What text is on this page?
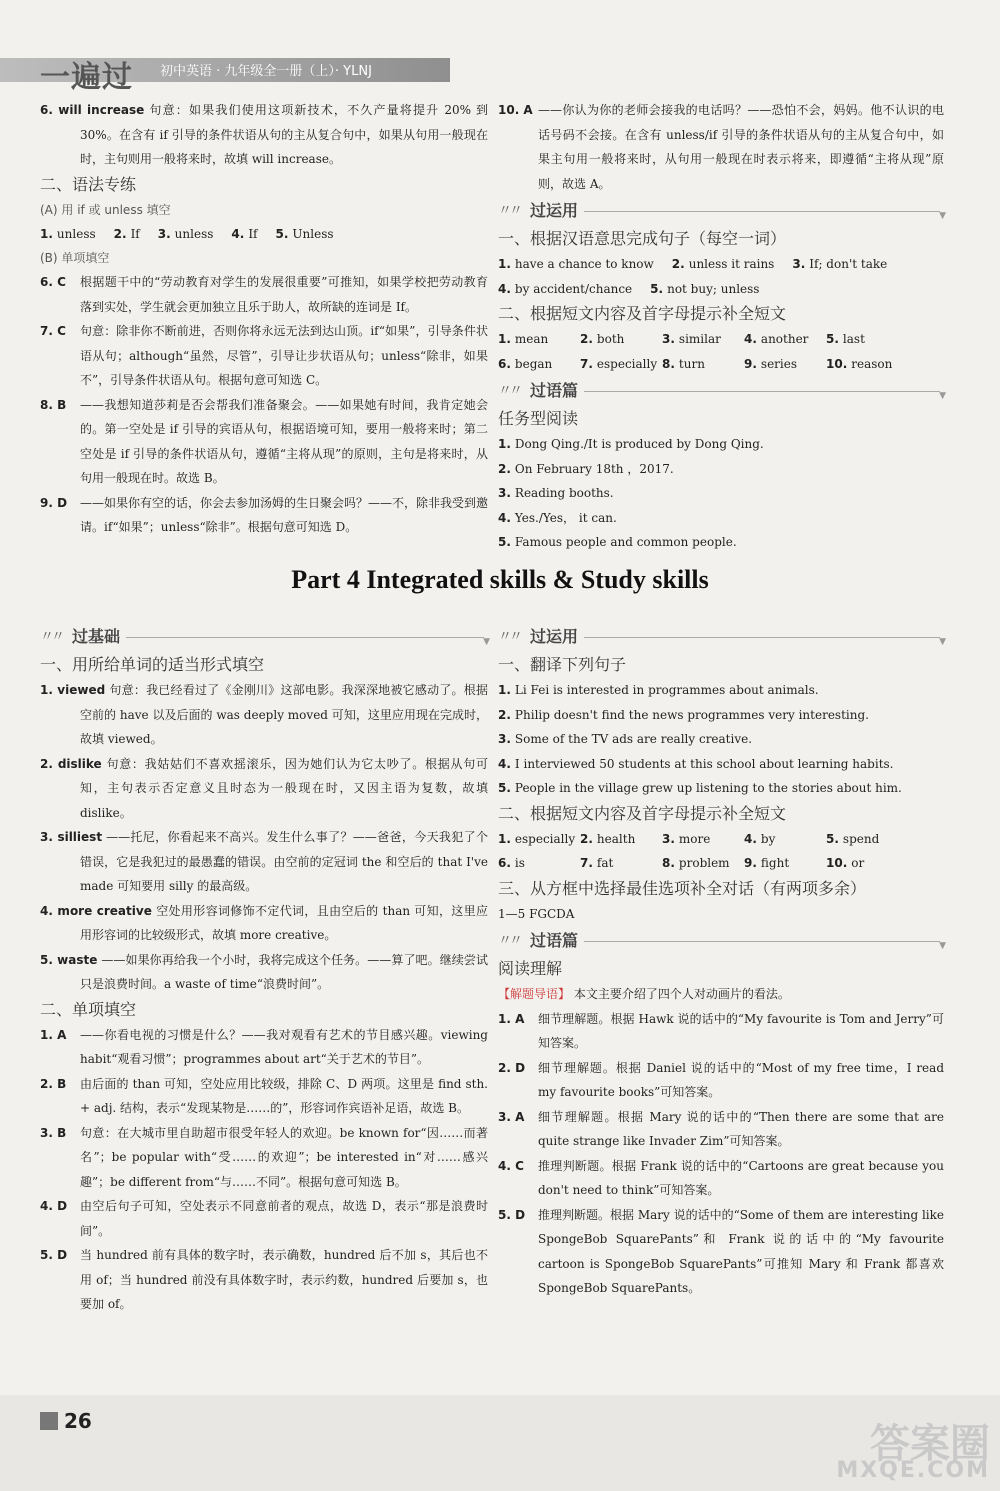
一遍过 初中英语 · 九年级全一册（上）· YLNJ
6. will increase 句意：如果我们使用这项新技术，不久产量将提升 20% 到 30%。在含有 if 引导的条件状语从句的主从复合句中，如果从句用一般现在时，主句则用一般将来时，故填 will increase。
二、语法专练
(A) 用 if 或 unless 填空
1. unless 2. If 3. unless 4. If 5. Unless
(B) 单项填空
6. C 根据题干中的“劳动教育对学生的发展很重要”可推知，如果学校把劳动教育落到实处，学生就会更加独立且乐于助人，故所缺的连词是 If。
7. C 句意：除非你不断前进，否则你将永远无法到达山顶。if“如果”，引导条件状语从句；although“虽然，尽管”，引导让步状语从句；unless“除非，如果不”，引导条件状语从句。根据句意可知选 C。
8. B ——我想知道莎莉是否会帮我们准备聚会。——如果她有时间，我肯定她会的。第一空处是 if 引导的宾语从句，根据语境可知，要用一般将来时；第二空处是 if 引导的条件状语从句，遵循“主将从现”的原则，主句是将来时，从句用一般现在时。故选 B。
9. D ——如果你有空的话，你会去参加汤姆的生日聚会吗？——不，除非我受到邀请。if“如果”；unless“除非”。根据句意可知选 D。
10. A ——你认为你的老师会接我的电话吗？——恐怕不会，妈妈。他不认识的电话号码不会接。在含有 unless/if 引导的条件状语从句的主从复合句中，如果主句用一般将来时，从句用一般现在时表示将来，即遵循“主将从现”原则，故选 A。
〃〃 过运用
▼
一、根据汉语意思完成句子（每空一词）
1. have a chance to know 2. unless it rains 3. If; don't take
4. by accident/chance 5. not buy; unless
二、根据短文内容及首字母提示补全短文
1. mean	2. both	3. similar	4. another	5. last
6. began	7. especially 8. turn	9. series	10. reason
〃〃 过语篇
▼
任务型阅读
1. Dong Qing./It is produced by Dong Qing.
2. On February 18th ，2017.
3. Reading booths.
4. Yes./Yes， it can.
5. Famous people and common people.
Part 4 Integrated skills & Study skills
〃〃 过基础
▼
一、用所给单词的适当形式填空
1. viewed 句意：我已经看过了《金刚川》这部电影。我深深地被它感动了。根据空前的 have 以及后面的 was deeply moved 可知，这里应用现在完成时，故填 viewed。
2. dislike 句意：我姑姑们不喜欢摇滚乐，因为她们认为它太吵了。根据从句可知，主句表示否定意义且时态为一般现在时，又因主语为复数，故填 dislike。
3. silliest ——托尼，你看起来不高兴。发生什么事了？——爸爸，今天我犯了个错误，它是我犯过的最愚蠢的错误。由空前的定冠词 the 和空后的 that I've made 可知要用 silly 的最高级。
4. more creative 空处用形容词修饰不定代词，且由空后的 than 可知，这里应用形容词的比较级形式，故填 more creative。
5. waste ——如果你再给我一个小时，我将完成这个任务。——算了吧。继续尝试只是浪费时间。a waste of time“浪费时间”。
二、单项填空
1. A ——你看电视的习惯是什么？——我对观看有艺术的节目感兴趣。viewing habit“观看习惯”；programmes about art“关于艺术的节目”。
2. B 由后面的 than 可知，空处应用比较级，排除 C、D 两项。这里是 find sth. + adj. 结构，表示“发现某物是……的”，形容词作宾语补足语，故选 B。
3. B 句意：在大城市里自助超市很受年轻人的欢迎。be known for“因……而著名”；be popular with“受……的欢迎”；be interested in“对……感兴趣”；be different from“与……不同”。根据句意可知选 B。
4. D 由空后句子可知，空处表示不同意前者的观点，故选 D，表示“那是浪费时间”。
5. D 当 hundred 前有具体的数字时，表示确数，hundred 后不加 s，其后也不用 of；当 hundred 前没有具体数字时，表示约数，hundred 后要加 s，也要加 of。
〃〃 过运用
▼
一、翻译下列句子
1. Li Fei is interested in programmes about animals.
2. Philip doesn't find the news programmes very interesting.
3. Some of the TV ads are really creative.
4. I interviewed 50 students at this school about learning habits.
5. People in the village grew up listening to the stories about him.
二、根据短文内容及首字母提示补全短文
1. especially 2. health	3. more	4. by	5. spend
6. is	7. fat	8. problem	9. fight	10. or
三、从方框中选择最佳选项补全对话（有两项多余）
1—5 FGCDA
〃〃 过语篇
▼
阅读理解
【解题导语】 本文主要介绍了四个人对动画片的看法。
1. A 细节理解题。根据 Hawk 说的话中的“My favourite is Tom and Jerry”可知答案。
2. D 细节理解题。根据 Daniel 说的话中的“Most of my free time，I read my favourite books”可知答案。
3. A 细节理解题。根据 Mary 说的话中的“Then there are some that are quite strange like Invader Zim”可知答案。
4. C 推理判断题。根据 Frank 说的话中的“Cartoons are great because you don't need to think”可知答案。
5. D 推理判断题。根据 Mary 说的话中的“Some of them are interesting like SpongeBob SquarePants”和 Frank 说的话中的“My favourite cartoon is SpongeBob SquarePants”可推知 Mary 和 Frank 都喜欢 SpongeBob SquarePants。
26	答案圈
MXQE.COM
